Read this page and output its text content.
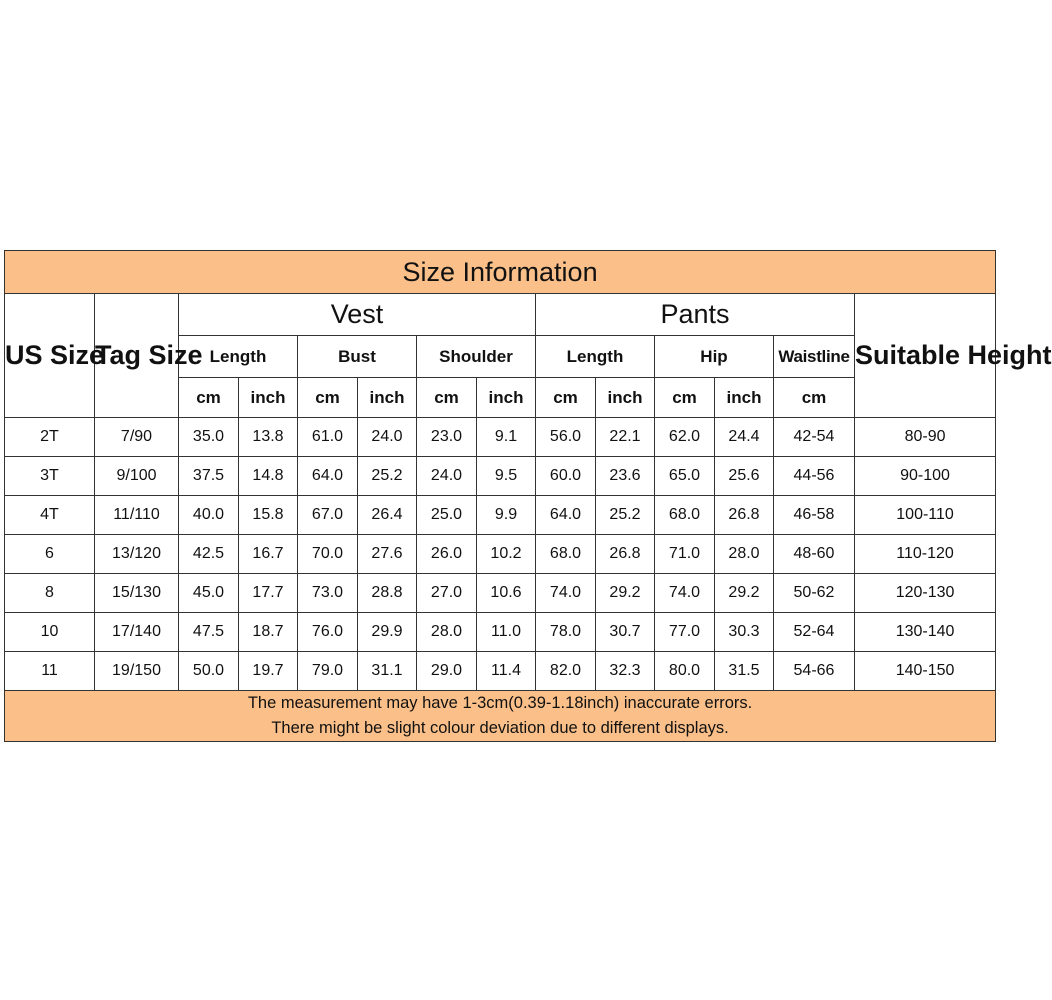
Size Information													
US Size	Tag Size	Vest						Pants					Suitable Height
		Length		Bust		Shoulder		Length		Hip		Waistline	
		cm	inch	cm	inch	cm	inch	cm	inch	cm	inch	cm	
2T	7/90	35.0	13.8	61.0	24.0	23.0	9.1	56.0	22.1	62.0	24.4	42-54	80-90
3T	9/100	37.5	14.8	64.0	25.2	24.0	9.5	60.0	23.6	65.0	25.6	44-56	90-100
4T	11/110	40.0	15.8	67.0	26.4	25.0	9.9	64.0	25.2	68.0	26.8	46-58	100-110
6	13/120	42.5	16.7	70.0	27.6	26.0	10.2	68.0	26.8	71.0	28.0	48-60	110-120
8	15/130	45.0	17.7	73.0	28.8	27.0	10.6	74.0	29.2	74.0	29.2	50-62	120-130
10	17/140	47.5	18.7	76.0	29.9	28.0	11.0	78.0	30.7	77.0	30.3	52-64	130-140
11	19/150	50.0	19.7	79.0	31.1	29.0	11.4	82.0	32.3	80.0	31.5	54-66	140-150

The measurement may have 1-3cm(0.39-1.18inch) inaccurate errors.
There might be slight colour deviation due to different displays.													
